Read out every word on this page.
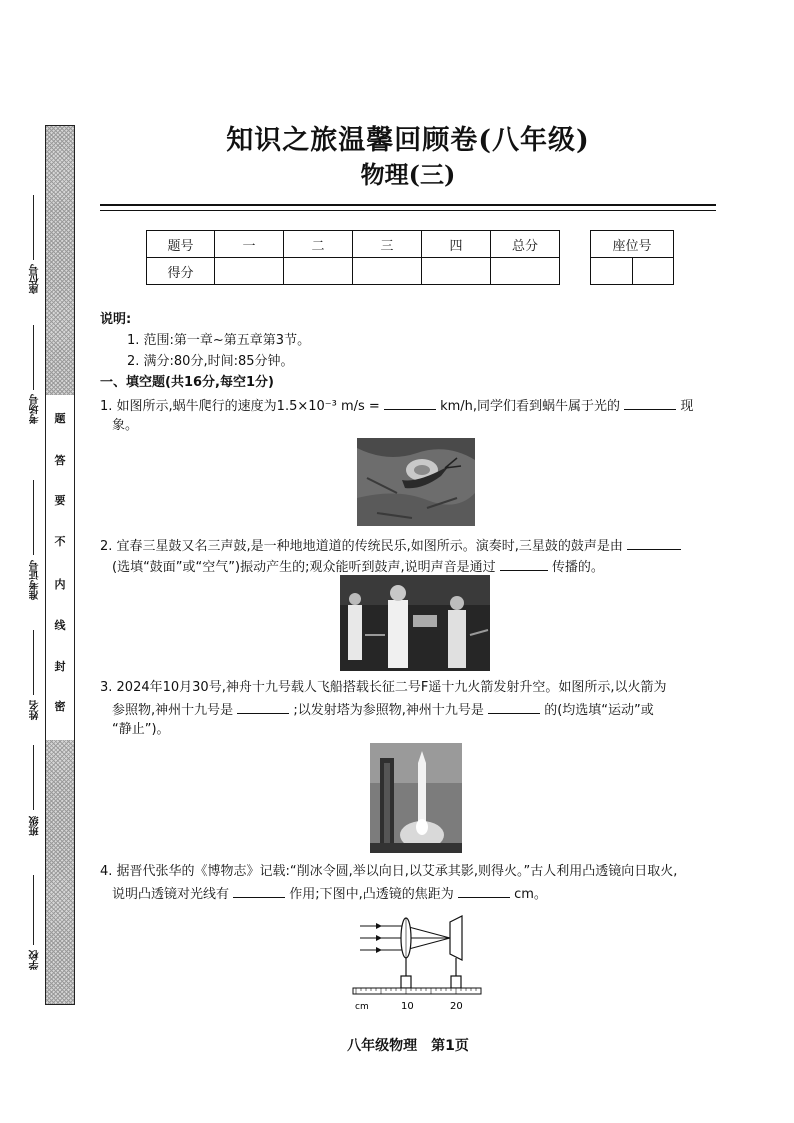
题
答
要
不
内
线
封
密
座位号
考场号
准考证号
姓名
班级
学校
知识之旅温馨回顾卷(八年级)
物理(三)
题号	一	二	三	四	总分
得分					
座位号

说明:
1. 范围:第一章~第五章第3节。
2. 满分:80分,时间:85分钟。
一、填空题(共16分,每空1分)
1. 如图所示,蜗牛爬行的速度为1.5×10⁻³ m/s =	km/h,同学们看到蜗牛属于光的	现
象。
2. 宜春三星鼓又名三声鼓,是一种地地道道的传统民乐,如图所示。演奏时,三星鼓的鼓声是由
(选填“鼓面”或“空气”)振动产生的;观众能听到鼓声,说明声音是通过	传播的。
3. 2024年10月30号,神舟十九号载人飞船搭载长征二号F遥十九火箭发射升空。如图所示,以火箭为
参照物,神州十九号是	;以发射塔为参照物,神州十九号是	的(均选填“运动”或
“静止”)。
4. 据晋代张华的《博物志》记载:“削冰令圆,举以向日,以艾承其影,则得火。”古人利用凸透镜向日取火,
说明凸透镜对光线有	作用;下图中,凸透镜的焦距为	cm。
cm	10	20
八年级物理　第1页
